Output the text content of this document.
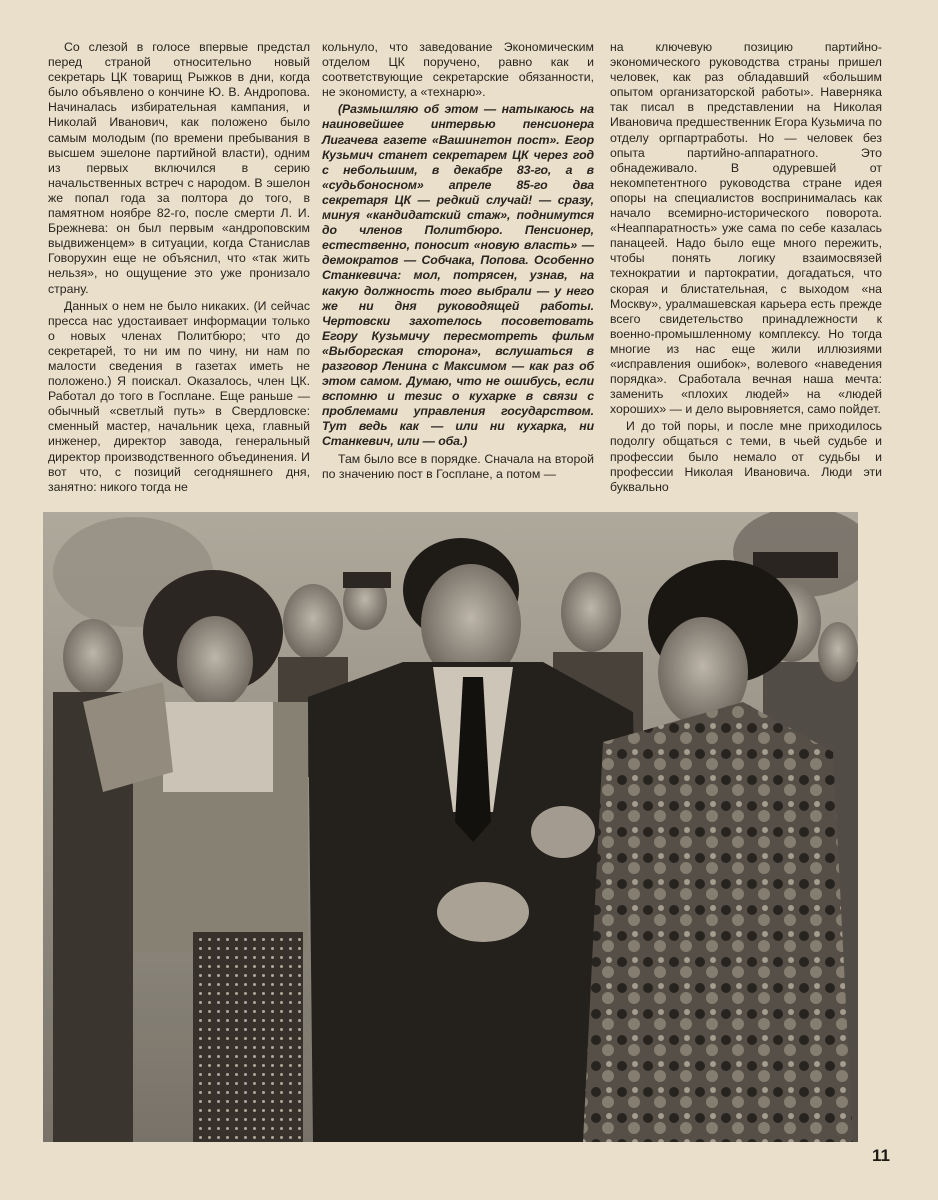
Со слезой в голосе впервые предстал перед страной относительно новый секретарь ЦК товарищ Рыжков в дни, когда было объявлено о кончине Ю. В. Андропова. Начиналась избирательная кампания, и Николай Иванович, как положено было самым молодым (по времени пребывания в высшем эшелоне партийной власти), одним из первых включился в серию начальственных встреч с народом. В эшелон же попал года за полтора до того, в памятном ноябре 82-го, после смерти Л. И. Брежнева: он был первым «андроповским выдвиженцем» в ситуации, когда Станислав Говорухин еще не объяснил, что «так жить нельзя», но ощущение это уже пронизало страну.

Данных о нем не было никаких. (И сейчас пресса нас удостаивает информации только о новых членах Политбюро; что до секретарей, то ни им по чину, ни нам по малости сведения в газетах иметь не положено.) Я поискал. Оказалось, член ЦК. Работал до того в Госплане. Еще раньше — обычный «светлый путь» в Свердловске: сменный мастер, начальник цеха, главный инженер, директор завода, генеральный директор производственного объединения. И вот что, с позиций сегодняшнего дня, занятно: никого тогда не

кольнуло, что заведование Экономическим отделом ЦК поручено, равно как и соответствующие секретарские обязанности, не экономисту, а «технарю».

(Размышляю об этом — натыкаюсь на наиновейшее интервью пенсионера Лигачева газете «Вашингтон пост». Егор Кузьмич станет секретарем ЦК через год с небольшим, в декабре 83-го, а в «судьбоносном» апреле 85-го два секретаря ЦК — редкий случай! — сразу, минуя «кандидатский стаж», поднимутся до членов Политбюро. Пенсионер, естественно, поносит «новую власть» — демократов — Собчака, Попова. Особенно Станкевича: мол, потрясен, узнав, на какую должность того выбрали — у него же ни дня руководящей работы. Чертовски захотелось посоветовать Егору Кузьмичу пересмотреть фильм «Выборгская сторона», вслушаться в разговор Ленина с Максимом — как раз об этом самом. Думаю, что не ошибусь, если вспомню и тезис о кухарке в связи с проблемами управления государством. Тут ведь как — или ни кухарка, ни Станкевич, или — оба.)

Там было все в порядке. Сначала на второй по значению пост в Госплане, а потом —

на ключевую позицию партийно-экономического руководства страны пришел человек, как раз обладавший «большим опытом организаторской работы». Наверняка так писал в представлении на Николая Ивановича предшественник Егора Кузьмича по отделу оргпартработы. Но — человек без опыта партийно-аппаратного. Это обнадеживало. В одуревшей от некомпетентного руководства стране идея опоры на специалистов воспринималась как начало всемирно-исторического поворота. «Неаппаратность» уже сама по себе казалась панацеей. Надо было еще много пережить, чтобы понять логику взаимосвязей технократии и партократии, догадаться, что скорая и блистательная, с выходом «на Москву», уралмашевская карьера есть прежде всего свидетельство принадлежности к военно-промышленному комплексу. Но тогда многие из нас еще жили иллюзиями «исправления ошибок», волевого «наведения порядка». Сработала вечная наша мечта: заменить «плохих людей» на «людей хороших» — и дело выровняется, само пойдет.

И до той поры, и после мне приходилось подолгу общаться с теми, в чьей судьбе и профессии было немало от судьбы и профессии Николая Ивановича. Люди эти буквально

11
